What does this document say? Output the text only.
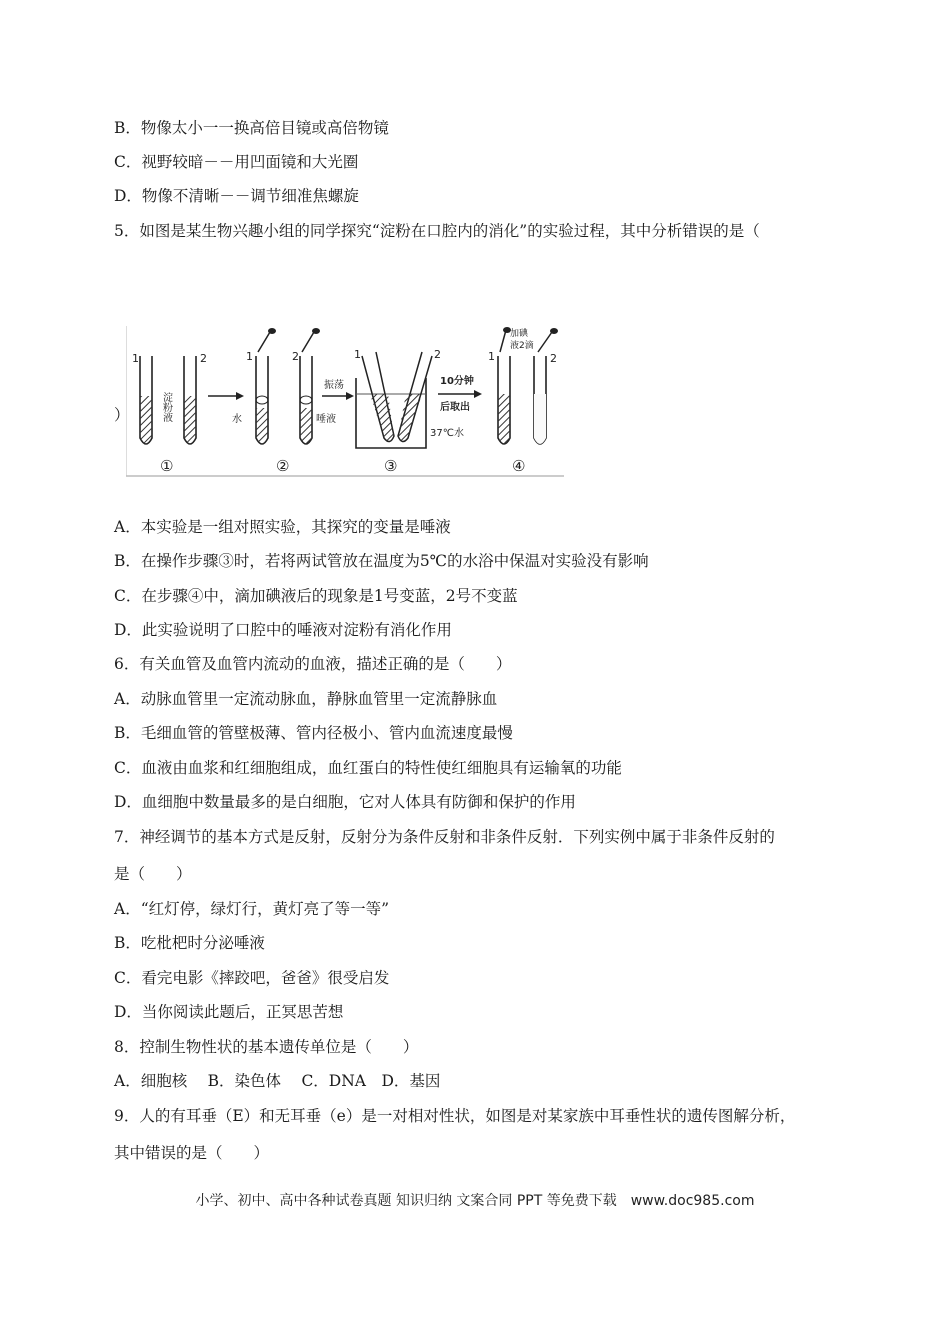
B．物像太小一一换高倍目镜或高倍物镜
C．视野较暗－－用凹面镜和大光圈
D．物像不清晰－－调节细准焦螺旋
5．如图是某生物兴趣小组的同学探究“淀粉在口腔内的消化”的实验过程，其中分析错误的是（
）
1	2
淀粉液
①
1	2
水	唾液
②
振荡
1	2
37℃水
③
10分钟
后取出
1	2
加碘
液2滴
④
A．本实验是一组对照实验，其探究的变量是唾液
B．在操作步骤③时，若将两试管放在温度为5℃的水浴中保温对实验没有影响
C．在步骤④中，滴加碘液后的现象是1号变蓝，2号不变蓝
D．此实验说明了口腔中的唾液对淀粉有消化作用
6．有关血管及血管内流动的血液，描述正确的是（　　）
A．动脉血管里一定流动脉血，静脉血管里一定流静脉血
B．毛细血管的管壁极薄、管内径极小、管内血流速度最慢
C．血液由血浆和红细胞组成，血红蛋白的特性使红细胞具有运输氧的功能
D．血细胞中数量最多的是白细胞，它对人体具有防御和保护的作用
7．神经调节的基本方式是反射，反射分为条件反射和非条件反射．下列实例中属于非条件反射的
是（　　）
A．“红灯停，绿灯行，黄灯亮了等一等”
B．吃枇杷时分泌唾液
C．看完电影《摔跤吧，爸爸》很受启发
D．当你阅读此题后，正冥思苦想
8．控制生物性状的基本遗传单位是（　　）
A．细胞核　 B．染色体　 C．DNA　D．基因
9．人的有耳垂（E）和无耳垂（e）是一对相对性状，如图是对某家族中耳垂性状的遗传图解分析，
其中错误的是（　　）
小学、初中、高中各种试卷真题 知识归纳 文案合同 PPT 等免费下载　www.doc985.com
